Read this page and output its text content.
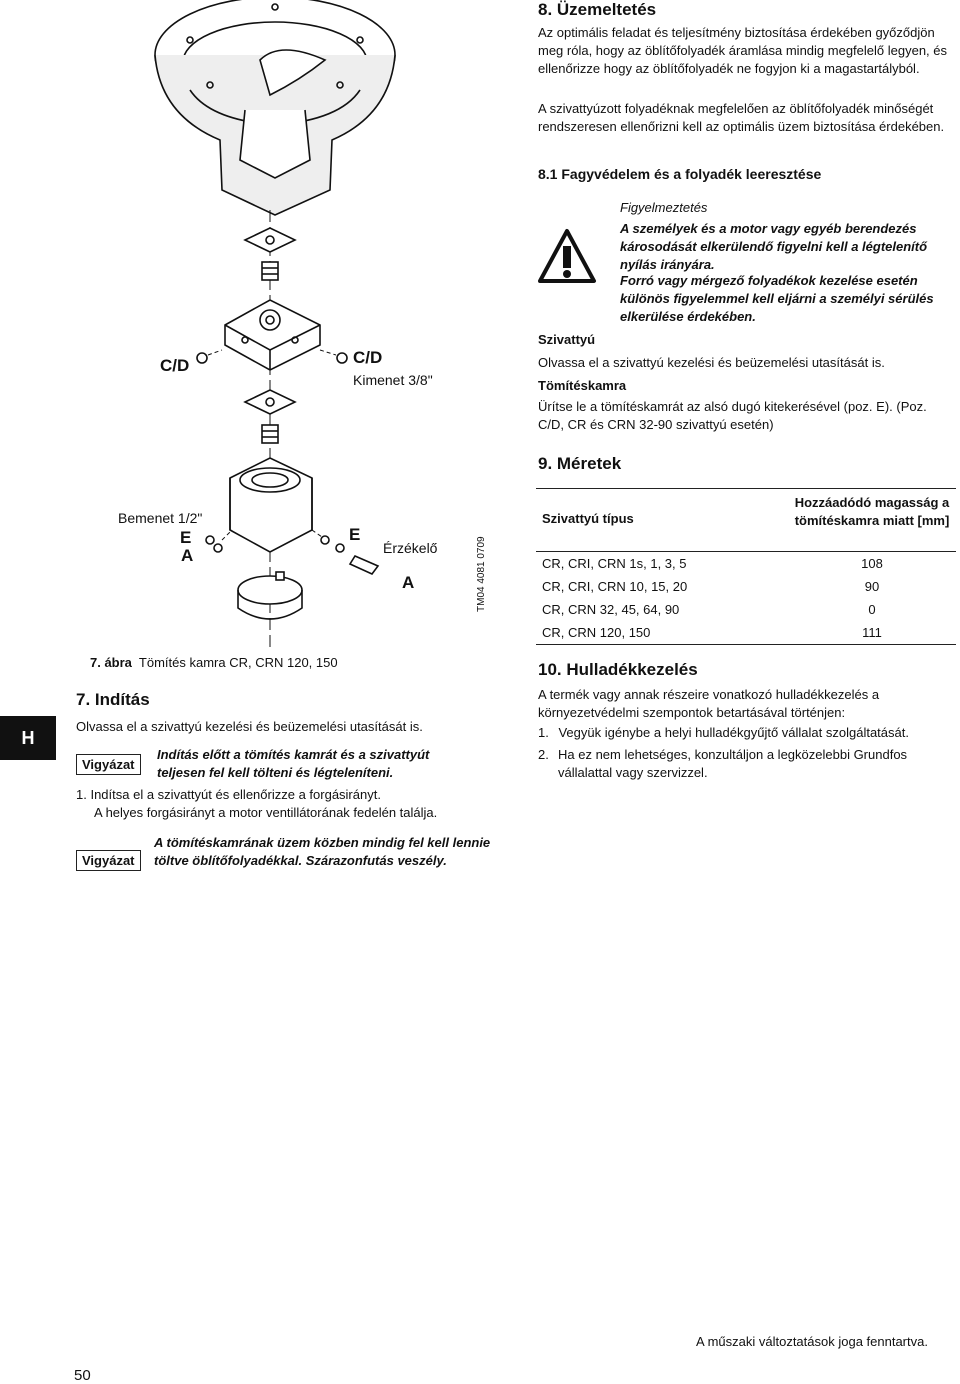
C/D	C/D
Kimenet 3/8"
Bemenet 1/2"
E
A
E
Érzékelő
A	TM04 4081 0709
7. ábra Tömítés kamra CR, CRN 120, 150
H
7. Indítás
Olvassa el a szivattyú kezelési és beüzemelési utasítását is.
Vigyázat
Indítás előtt a tömítés kamrát és a szivattyút teljesen fel kell tölteni és légteleníteni.
1. Indítsa el a szivattyút és ellenőrizze a forgásirányt.
A helyes forgásirányt a motor ventillátorának fedelén találja.
Vigyázat
A tömítéskamrának üzem közben mindig fel kell lennie töltve öblítőfolyadékkal. Szárazonfutás veszély.
8. Üzemeltetés
Az optimális feladat és teljesítmény biztosítása érdekében győződjön meg róla, hogy az öblítőfolyadék áramlása mindig megfelelő legyen, és ellenőrizze hogy az öblítőfolyadék ne fogyjon ki a magastartályból.
A szivattyúzott folyadéknak megfelelően az öblítőfolyadék minőségét rendszeresen ellenőrizni kell az optimális üzem biztosítása érdekében.
8.1 Fagyvédelem és a folyadék leeresztése
Figyelmeztetés
A személyek és a motor vagy egyéb berendezés károsodását elkerülendő figyelni kell a légtelenítő nyílás irányára.
Forró vagy mérgező folyadékok kezelése esetén különös figyelemmel kell eljárni a személyi sérülés elkerülése érdekében.
Szivattyú
Olvassa el a szivattyú kezelési és beüzemelési utasítását is.
Tömítéskamra
Ürítse le a tömítéskamrát az alsó dugó kitekerésével (poz. E). (Poz. C/D, CR és CRN 32-90 szivattyú esetén)
9. Méretek
Szivattyú típus
Hozzáadódó magasság a tömítéskamra miatt [mm]
CR, CRI, CRN 1s, 1, 3, 5	108
CR, CRI, CRN 10, 15, 20	90
CR, CRN 32, 45, 64, 90	0
CR, CRN 120, 150	111
10. Hulladékkezelés
A termék vagy annak részeire vonatkozó hulladékkezelés a környezetvédelmi szempontok betartásával történjen:
1. Vegyük igénybe a helyi hulladékgyűjtő vállalat szolgáltatását.
2. Ha ez nem lehetséges, konzultáljon a legközelebbi Grundfos vállalattal vagy szervizzel.
A műszaki változtatások joga fenntartva.
50
